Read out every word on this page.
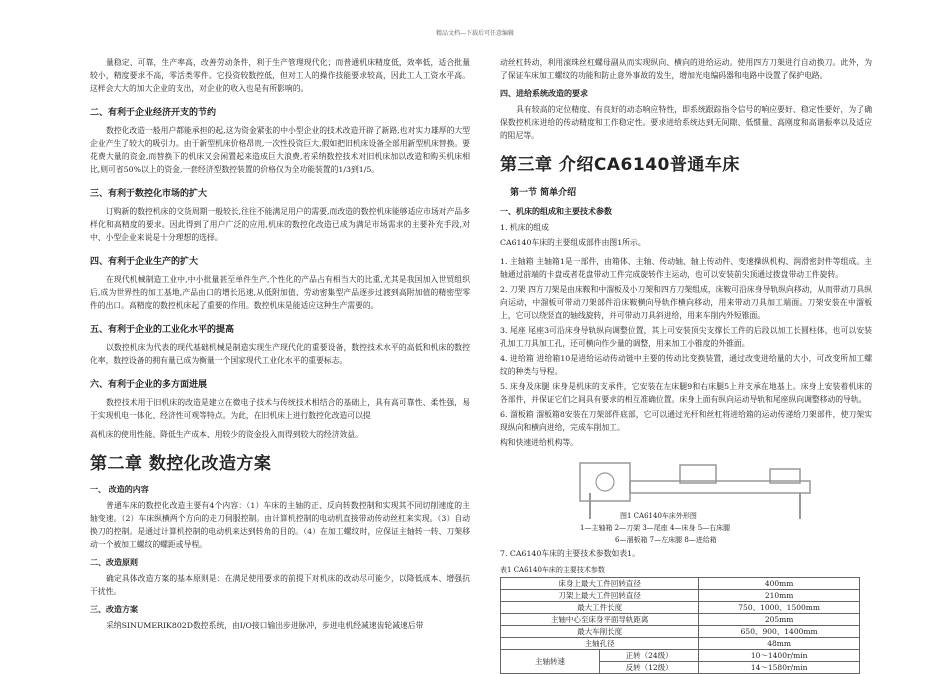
精品文档---下载后可任意编辑

量稳定、可靠，生产率高，改善劳动条件，利于生产管理现代化；而普通机床精度低，效率低，适合批量较小，精度要求不高，零活类零件。它投资较数控低，但对工人的操作技能要求较高，因此工人工资水平高。这样会大大的加大企业的支出，对企业的收入也是有所影响的。

二、有利于企业经济开支的节约

数控化改造一般用户都能承担的起,这为资金紧张的中小型企业的技术改造开辟了新路,也对实力雄厚的大型企业产生了较大的吸引力。由于新型机床价格昂贵,一次性投资巨大,假如把旧机床设备全部用新型机床替换。要花费大量的资金,而替换下的机床又会闲置起来造成巨大浪费,若采纳数控技术对旧机床加以改造和购买机床相比,则可省50%以上的资金,一套经济型数控装置的价格仅为全功能装置的1/3到1/5。

三、有利于数控化市场的扩大

订购新的数控机床的交货周期一般较长,往往不能满足用户的需要,而改造的数控机床能够适应市场对产品多样化和高精度的要求。因此得到了用户广泛的应用,机床的数控化改造已成为满足市场需求的主要补充手段,对中、小型企业来说是十分理想的选择。

四、有利于企业生产的扩大

在现代机械制造工业中,中小批量甚至单件生产,个性化的产品占有相当大的比重,尤其是我国加入世贸组织后,成为世界性的加工基地,产品由口的增长迅速,从低附加值、劳动密集型产品逐步过渡到高附加值的精密型零件的出口。高精度的数控机床起了重要的作用。数控机床是能适应这种生产需要的。

五、有利于企业的工业化水平的提高

以数控机床为代表的现代基础机械是制造实现生产现代化的重要设备，数控技术水平的高低和机床的数控化率，数控设备的拥有量已成为衡量一个国家现代工业化水平的重要标志。

六、有利于企业的多方面进展

数控技术用于旧机床的改造是建立在微电子技术与传统技术相结合的基础上，具有高可靠性、柔性强，易于实现机电一体化、经济性可观等特点。为此，在旧机床上进行数控化改造可以提

高机床的使用性能、降低生产成本、用较少的资金投入而得到较大的经济效益。

第二章 数控化改造方案
一、 改造的内容

普通车床的数控化改造主要有4个内容：（1）车床的主轴的正、反向转数控制和实现其不同切削速度的主轴变速。（2）车床纵横两个方向的走刀伺服控制。由计算机控制的电动机直接带动传动丝杠来实现。（3）自动换刀的控制。是通过计算机控制的电动机来达到转角的目的。（4）在加工螺纹时，应保证主轴转一转、刀架移动一个被加工螺纹的螺距或导程。

二、改造原则

确定具体改造方案的基本原则是：在满足使用要求的前提下对机床的改动尽可能少，以降低成本、增强抗干扰性。

三、改造方案

采纳SINUMERIK802D数控系统，由I/O接口输出步进脉冲，步进电机经减速齿轮减速后带

动丝杠转动，利用滚珠丝杠螺母副从而实现纵向、横向的进给运动。使用四方刀架进行自动换刀。此外，为了保证车床加工螺纹的功能和防止意外事故的发生，增加光电编码器和电路中设置了保护电路。

四、进给系统改造的要求

具有较高的定位精度、有良好的动态响应特性，即系统跟踪指令信号的响应要好、稳定性要好，为了确保数控机床进给的传动精度和工作稳定性。要求进给系统达到无间隙、低惯量、高刚度和高谐振率以及适应的阻尼等。

第三章 介绍CA6140普通车床
第一节 简单介绍
一、机床的组成和主要技术参数

1. 机床的组成

CA6140车床的主要组成部件由图1所示。

1. 主轴箱 主轴箱1是一部件，由箱体、主轴、传动轴、轴上传动件、变速操纵机构、润滑密封件等组成。主轴通过前端的卡盘或者花盘带动工件完成旋转作主运动，也可以安装前尖顶通过拨盘带动工件旋转。

2. 刀架 四方刀架是由床鞍和中溜板及小刀架和四方刀架组成，床鞍可沿床身导轨纵向移动，从而带动刀具纵向运动，中溜板可带动刀架部件沿床鞍横向导轨作横向移动，用来带动刀具加工端面。刀架安装在中溜板上，它可以绕竖直的轴线旋转，并可带动刀具斜进给，用来车削内外短锥面。

3. 尾座 尾座3可沿床身导轨纵向调整位置，其上可安装顶尖支撑长工件的后段以加工长圆柱体，也可以安装孔加工刀具加工孔，还可横向作少量的调整，用来加工小锥度的外锥面。

4. 进给箱 进给箱10是进给运动传动链中主要的传动比变换装置，通过改变进给量的大小，可改变所加工螺纹的种类与导程。

5. 床身及床腿 床身是机床的支承件，它安装在左床腿9和右床腿5上并支承在地基上。床身上安装着机床的各部件，并保证它们之间具有要求的相互准确位置。床身上面有纵向运动导轨和尾座纵向调整移动的导轨。

6. 溜板箱 溜板箱8安装在刀架部件底部，它可以通过光杆和丝杠将进给箱的运动传递给刀架部件，使刀架实现纵向和横向进给，完成车削加工。

构和快速进给机构等。

图1 CA6140车床外形图
1—主轴箱 2—刀架 3—尾座 4—床身 5—右床腿
6—溜板箱 7—左床腿 8—进给箱
7. CA6140车床的主要技术参数如表1。
表1 CA6140车床的主要技术参数
床身上最大工件回转直径		400mm
刀架上最大工件回转直径		210mm
最大工件长度		750、1000、1500mm
主轴中心至床身平面导轨距离		205mm
最大车削长度		650、900、1400mm
主轴孔径		48mm
主轴转速	正转（24级）	10～1400r/min
	反转（12级）	14～1580r/min
